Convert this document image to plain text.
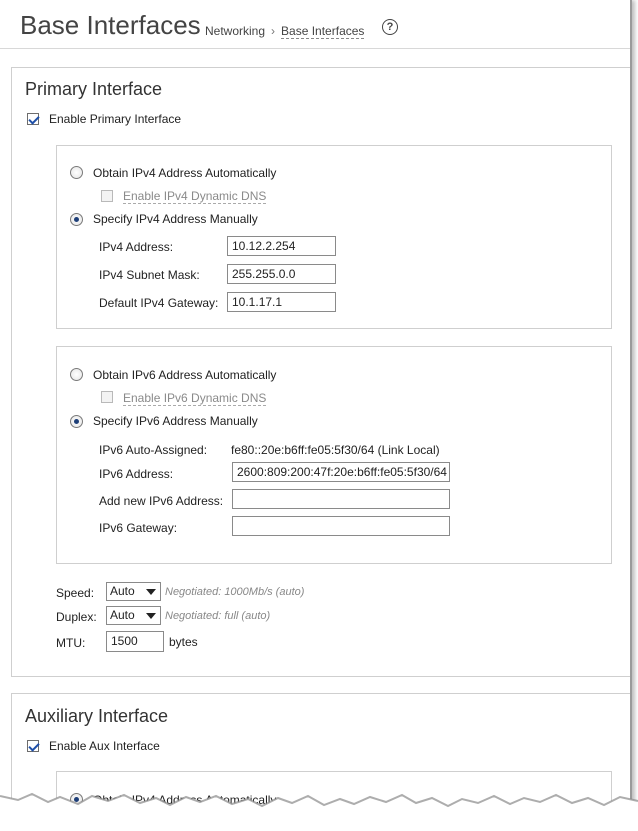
Base Interfaces Networking › Base Interfaces	?
Primary Interface
Enable Primary Interface
Obtain IPv4 Address Automatically
Enable IPv4 Dynamic DNS
Specify IPv4 Address Manually
IPv4 Address:	10.12.2.254
IPv4 Subnet Mask:	255.255.0.0
Default IPv4 Gateway:	10.1.17.1
Obtain IPv6 Address Automatically
Enable IPv6 Dynamic DNS
Specify IPv6 Address Manually
IPv6 Auto-Assigned: fe80::20e:b6ff:fe05:5f30/64 (Link Local)
IPv6 Address:	2600:809:200:47f:20e:b6ff:fe05:5f30/64
Add new IPv6 Address:
IPv6 Gateway:
Speed:	Auto	Negotiated: 1000Mb/s (auto)
Duplex:	Auto	Negotiated: full (auto)
MTU:	1500	bytes
Auxiliary Interface
Enable Aux Interface
